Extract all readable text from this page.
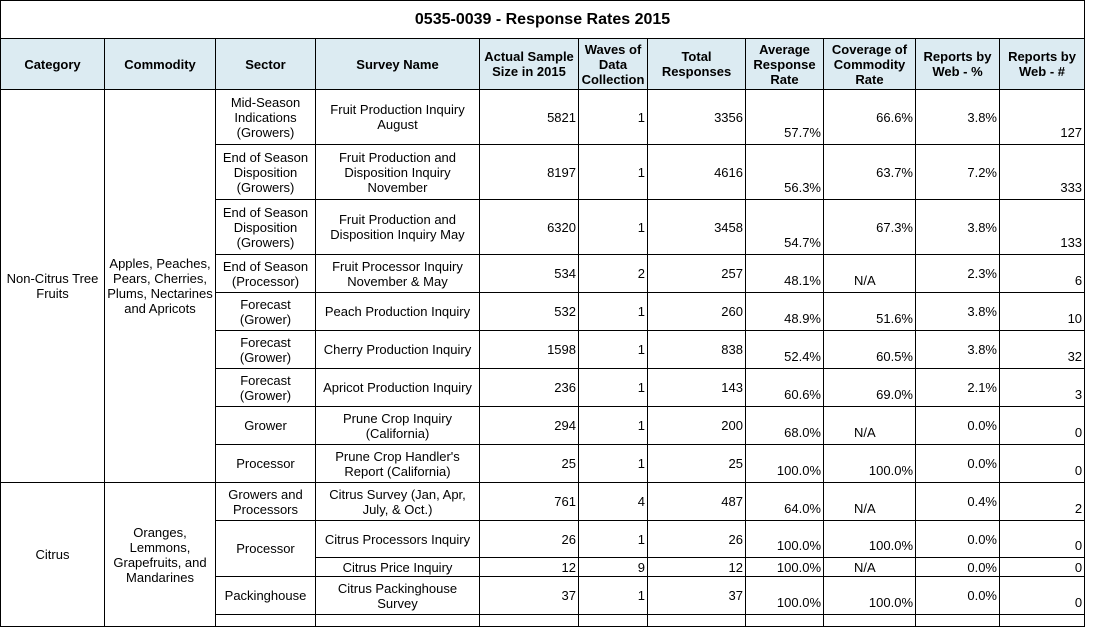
0535-0039 - Response Rates 2015										
Category	Commodity	Sector	Survey Name	Actual Sample Size in 2015	Waves of Data Collection	Total Responses	Average Response Rate	Coverage of Commodity Rate	Reports by Web - %	Reports by Web - #
Non-Citrus Tree Fruits	Apples, Peaches, Pears, Cherries, Plums, Nectarines and Apricots	Mid-Season Indications (Growers)	Fruit Production Inquiry August	5821	1	3356	57.7%	66.6%	3.8%	127
		End of Season Disposition (Growers)	Fruit Production and Disposition Inquiry November	8197	1	4616	56.3%	63.7%	7.2%	333
		End of Season Disposition (Growers)	Fruit Production and Disposition Inquiry May	6320	1	3458	54.7%	67.3%	3.8%	133
		End of Season (Processor)	Fruit Processor Inquiry November & May	534	2	257	48.1%	N/A	2.3%	6
		Forecast (Grower)	Peach Production Inquiry	532	1	260	48.9%	51.6%	3.8%	10
		Forecast (Grower)	Cherry Production Inquiry	1598	1	838	52.4%	60.5%	3.8%	32
		Forecast (Grower)	Apricot Production Inquiry	236	1	143	60.6%	69.0%	2.1%	3
		Grower	Prune Crop Inquiry (California)	294	1	200	68.0%	N/A	0.0%	0
		Processor	Prune Crop Handler's Report (California)	25	1	25	100.0%	100.0%	0.0%	0
Citrus	Oranges, Lemmons, Grapefruits, and Mandarines	Growers and Processors	Citrus Survey (Jan, Apr, July, & Oct.)	761	4	487	64.0%	N/A	0.4%	2
		Processor	Citrus Processors Inquiry	26	1	26	100.0%	100.0%	0.0%	0
			Citrus Price Inquiry	12	9	12	100.0%	N/A	0.0%	0
		Packinghouse	Citrus Packinghouse Survey	37	1	37	100.0%	100.0%	0.0%	0
